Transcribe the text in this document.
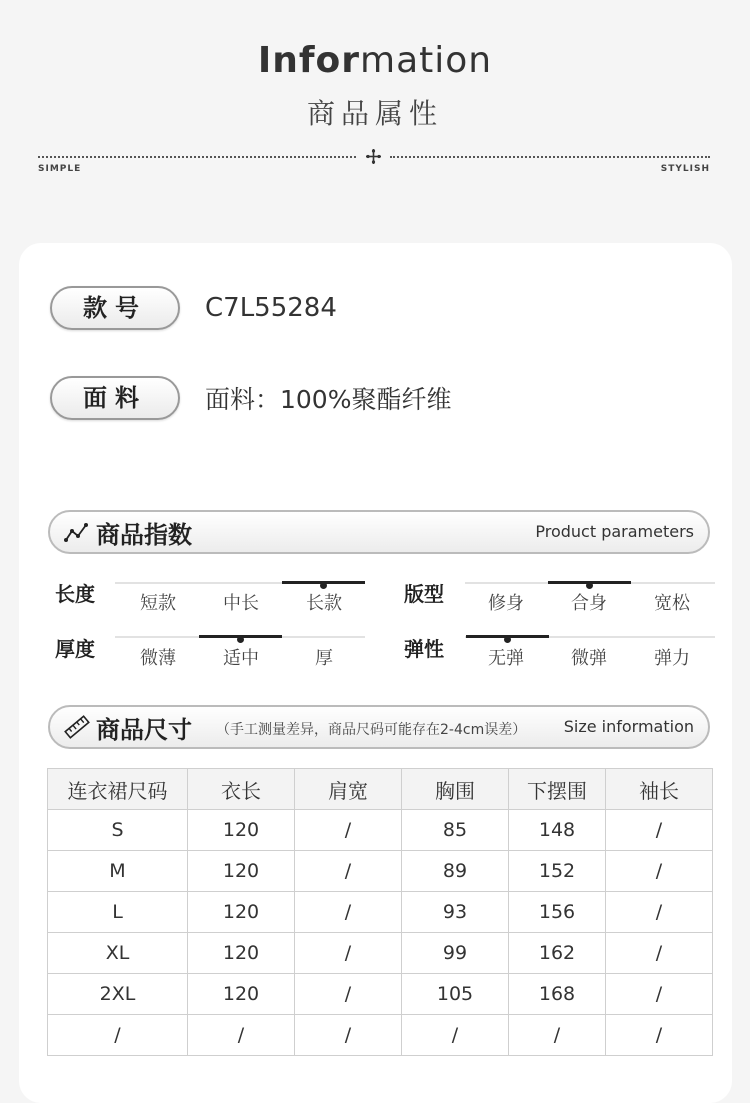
Information
商品属性
SIMPLE	STYLISH
款号	C7L55284
面料	面料：100%聚酯纤维
商品指数	Product parameters
长度	短款	中长	长款	版型	修身	合身	宽松
厚度	微薄	适中	厚	弹性	无弹	微弹	弹力
商品尺寸 （手工测量差异，商品尺码可能存在2-4cm误差） Size information
连衣裙尺码	衣长	肩宽	胸围	下摆围	袖长
S	120	/	85	148	/
M	120	/	89	152	/
L	120	/	93	156	/
XL	120	/	99	162	/
2XL	120	/	105	168	/
/	/	/	/	/	/
